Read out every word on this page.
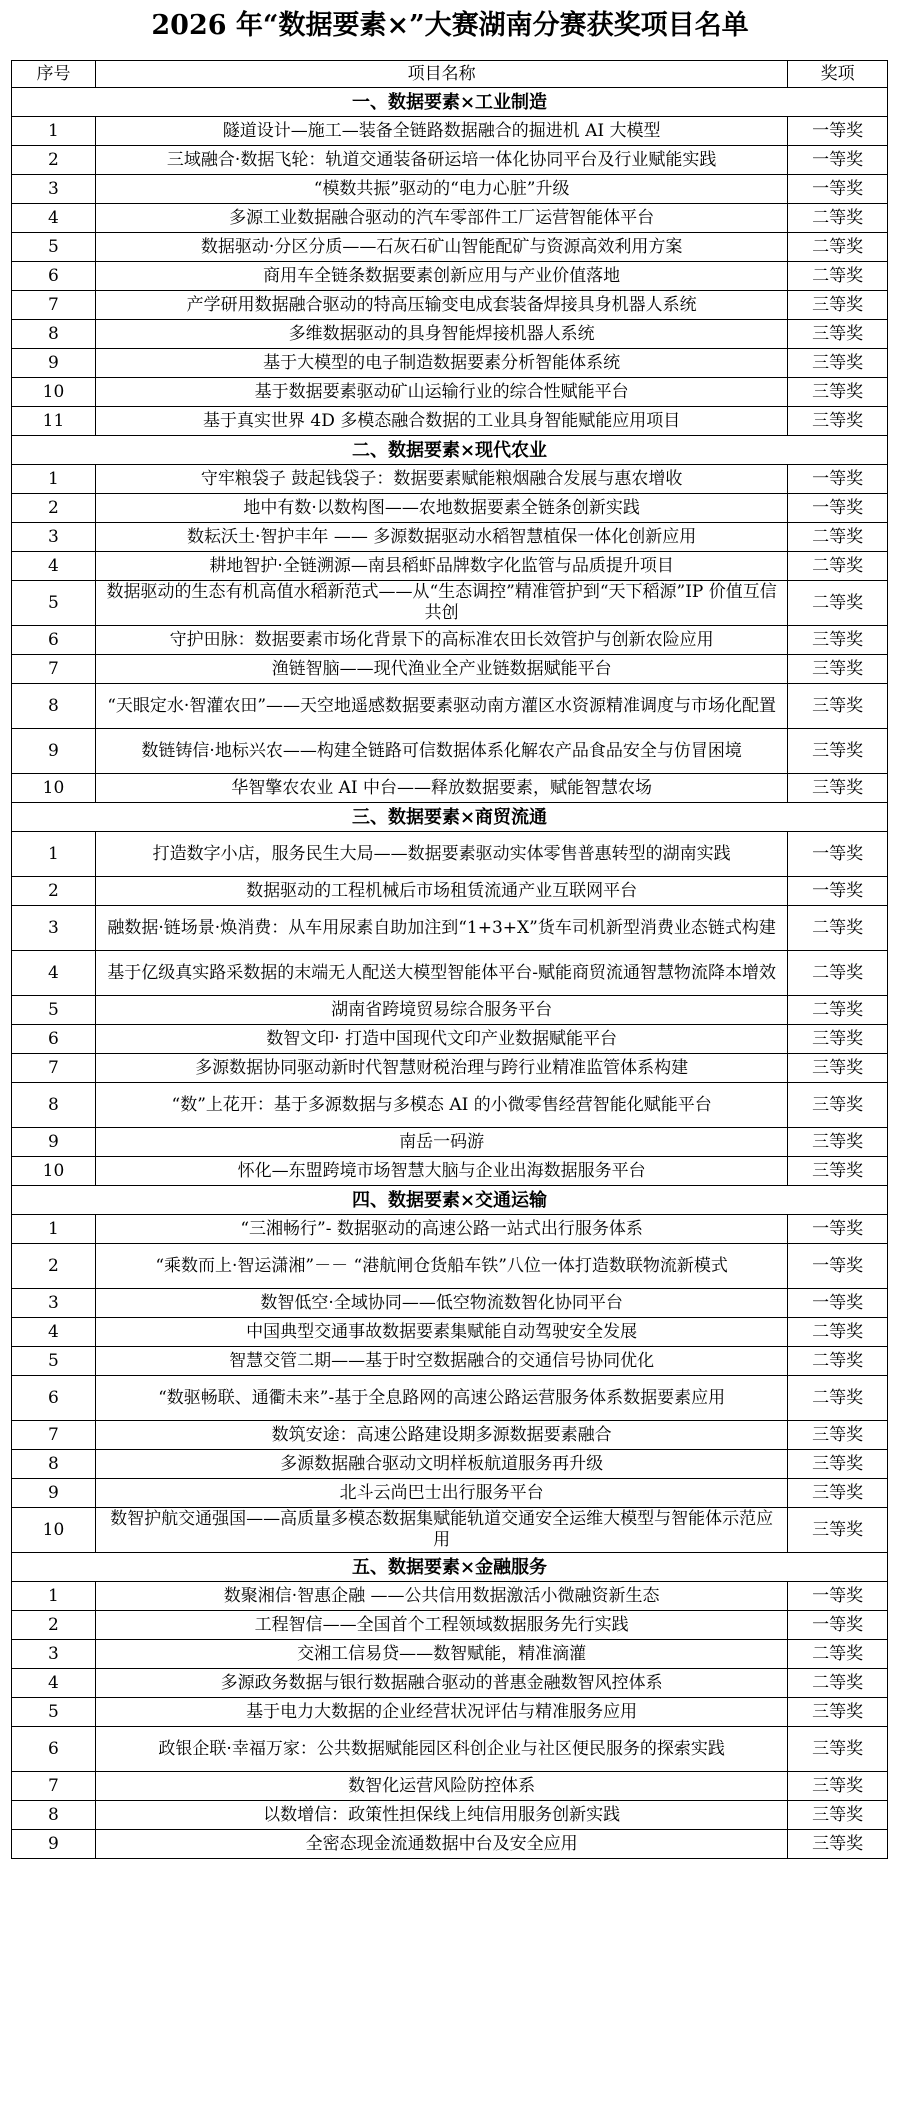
2026 年“数据要素×”大赛湖南分赛获奖项目名单
序号	项目名称	奖项
一、数据要素×工业制造		
1	隧道设计—施工—装备全链路数据融合的掘进机 AI 大模型	一等奖
2	三域融合·数据飞轮：轨道交通装备研运培一体化协同平台及行业赋能实践	一等奖
3	“模数共振”驱动的“电力心脏”升级	一等奖
4	多源工业数据融合驱动的汽车零部件工厂运营智能体平台	二等奖
5	数据驱动·分区分质——石灰石矿山智能配矿与资源高效利用方案	二等奖
6	商用车全链条数据要素创新应用与产业价值落地	二等奖
7	产学研用数据融合驱动的特高压输变电成套装备焊接具身机器人系统	三等奖
8	多维数据驱动的具身智能焊接机器人系统	三等奖
9	基于大模型的电子制造数据要素分析智能体系统	三等奖
10	基于数据要素驱动矿山运输行业的综合性赋能平台	三等奖
11	基于真实世界 4D 多模态融合数据的工业具身智能赋能应用项目	三等奖
二、数据要素×现代农业		
1	守牢粮袋子 鼓起钱袋子：数据要素赋能粮烟融合发展与惠农增收	一等奖
2	地中有数·以数构图——农地数据要素全链条创新实践	一等奖
3	数耘沃土·智护丰年 —— 多源数据驱动水稻智慧植保一体化创新应用	二等奖
4	耕地智护·全链溯源—南县稻虾品牌数字化监管与品质提升项目	二等奖
5	数据驱动的生态有机高值水稻新范式——从“生态调控”精准管护到“天下稻源”IP 价值互信共创	二等奖
6	守护田脉：数据要素市场化背景下的高标准农田长效管护与创新农险应用	三等奖
7	渔链智脑——现代渔业全产业链数据赋能平台	三等奖
8	“天眼定水·智灌农田”——天空地遥感数据要素驱动南方灌区水资源精准调度与市场化配置	三等奖
9	数链铸信·地标兴农——构建全链路可信数据体系化解农产品食品安全与仿冒困境	三等奖
10	华智擎农农业 AI 中台——释放数据要素，赋能智慧农场	三等奖
三、数据要素×商贸流通		
1	打造数字小店，服务民生大局——数据要素驱动实体零售普惠转型的湖南实践	一等奖
2	数据驱动的工程机械后市场租赁流通产业互联网平台	一等奖
3	融数据·链场景·焕消费：从车用尿素自助加注到“1+3+X”货车司机新型消费业态链式构建	二等奖
4	基于亿级真实路采数据的末端无人配送大模型智能体平台-赋能商贸流通智慧物流降本增效	二等奖
5	湖南省跨境贸易综合服务平台	二等奖
6	数智文印· 打造中国现代文印产业数据赋能平台	三等奖
7	多源数据协同驱动新时代智慧财税治理与跨行业精准监管体系构建	三等奖
8	“数”上花开：基于多源数据与多模态 AI 的小微零售经营智能化赋能平台	三等奖
9	南岳一码游	三等奖
10	怀化—东盟跨境市场智慧大脑与企业出海数据服务平台	三等奖
四、数据要素×交通运输		
1	“三湘畅行”- 数据驱动的高速公路一站式出行服务体系	一等奖
2	“乘数而上·智运潇湘”－－ “港航闸仓货船车铁”八位一体打造数联物流新模式	一等奖
3	数智低空·全域协同——低空物流数智化协同平台	一等奖
4	中国典型交通事故数据要素集赋能自动驾驶安全发展	二等奖
5	智慧交管二期——基于时空数据融合的交通信号协同优化	二等奖
6	“数驱畅联、通衢未来”-基于全息路网的高速公路运营服务体系数据要素应用	二等奖
7	数筑安途：高速公路建设期多源数据要素融合	三等奖
8	多源数据融合驱动文明样板航道服务再升级	三等奖
9	北斗云尚巴士出行服务平台	三等奖
10	数智护航交通强国——高质量多模态数据集赋能轨道交通安全运维大模型与智能体示范应用	三等奖
五、数据要素×金融服务		
1	数聚湘信·智惠企融 ——公共信用数据激活小微融资新生态	一等奖
2	工程智信——全国首个工程领域数据服务先行实践	一等奖
3	交湘工信易贷——数智赋能，精准滴灌	二等奖
4	多源政务数据与银行数据融合驱动的普惠金融数智风控体系	二等奖
5	基于电力大数据的企业经营状况评估与精准服务应用	三等奖
6	政银企联·幸福万家：公共数据赋能园区科创企业与社区便民服务的探索实践	三等奖
7	数智化运营风险防控体系	三等奖
8	以数增信：政策性担保线上纯信用服务创新实践	三等奖
9	全密态现金流通数据中台及安全应用	三等奖
